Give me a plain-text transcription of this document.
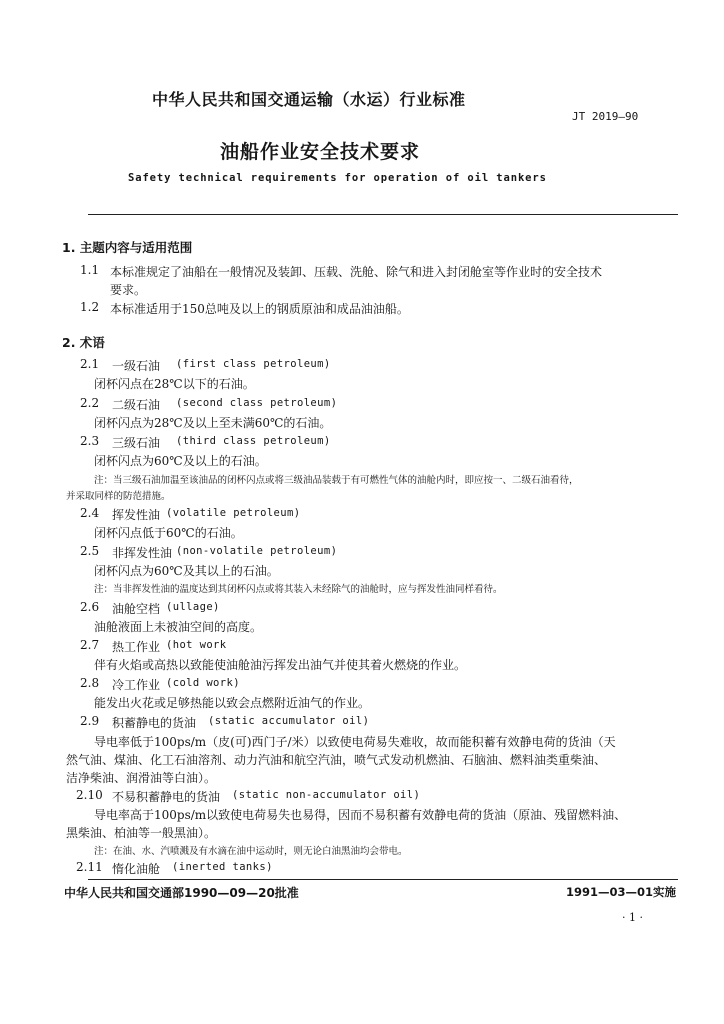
中华人民共和国交通运输（水运）行业标准
JT 2019—90
油船作业安全技术要求
Safety technical requirements for operation of oil tankers
1. 主题内容与适用范围
1.1 本标准规定了油船在一般情况及装卸、压载、洗舱、除气和进入封闭舱室等作业时的安全技术
要求。
1.2 本标准适用于150总吨及以上的钢质原油和成品油油船。
2. 术语
2.1 一级石油 (first class petroleum)
闭杯闪点在28℃以下的石油。
2.2 二级石油 (second class petroleum)
闭杯闪点为28℃及以上至未满60℃的石油。
2.3 三级石油 (third class petroleum)
闭杯闪点为60℃及以上的石油。
注：当三级石油加温至该油品的闭杯闪点或将三级油品装载于有可燃性气体的油舱内时，即应按一、二级石油看待，
并采取同样的防范措施。
2.4 挥发性油 (volatile petroleum)
闭杯闪点低于60℃的石油。
2.5 非挥发性油 (non-volatile petroleum)
闭杯闪点为60℃及其以上的石油。
注：当非挥发性油的温度达到其闭杯闪点或将其装入未经除气的油舱时，应与挥发性油同样看待。
2.6 油舱空档 (ullage)
油舱液面上未被油空间的高度。
2.7 热工作业 (hot work
伴有火焰或高热以致能使油舱油污挥发出油气并使其着火燃烧的作业。
2.8 冷工作业 (cold work)
能发出火花或足够热能以致会点燃附近油气的作业。
2.9 积蓄静电的货油 (static accumulator oil)
导电率低于100ps/m（皮(可)西门子/米）以致使电荷易失难收，故而能积蓄有效静电荷的货油（天
然气油、煤油、化工石油溶剂、动力汽油和航空汽油，喷气式发动机燃油、石脑油、燃料油类重柴油、
洁净柴油、润滑油等白油）。
2.10 不易积蓄静电的货油 (static non-accumulator oil)
导电率高于100ps/m以致使电荷易失也易得，因而不易积蓄有效静电荷的货油（原油、残留燃料油、
黑柴油、柏油等一般黑油）。
注：在油、水、汽喷溅及有水滴在油中运动时，则无论白油黑油均会带电。
2.11 惰化油舱 (inerted tanks)
中华人民共和国交通部1990—09—20批准	1991—03—01实施
· 1 ·
